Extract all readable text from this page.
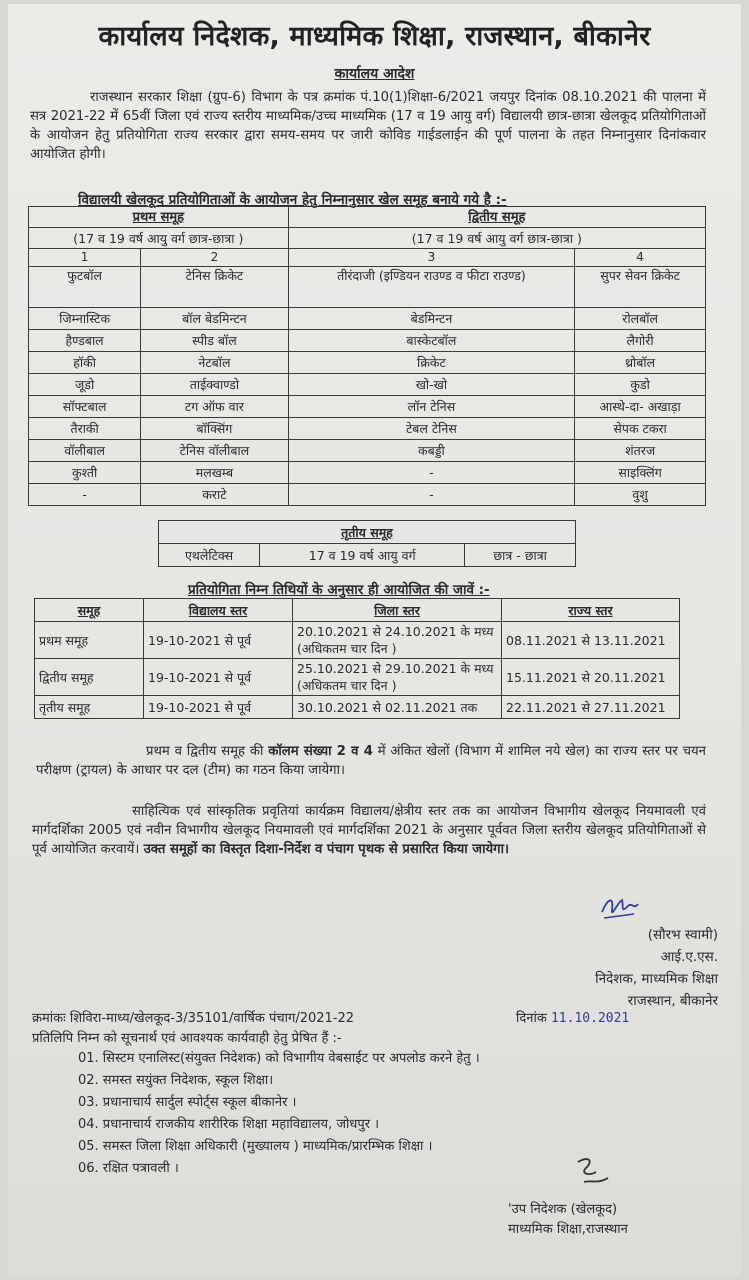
कार्यालय निदेशक, माध्यमिक शिक्षा, राजस्थान, बीकानेर
कार्यालय आदेश
राजस्थान सरकार शिक्षा (ग्रुप-6) विभाग के पत्र क्रमांक पं.10(1)शिक्षा-6/2021 जयपुर दिनांक 08.10.2021 की पालना में सत्र 2021-22 में 65वीं जिला एवं राज्य स्तरीय माध्यमिक/उच्च माध्यमिक (17 व 19 आयु वर्ग) विद्यालयी छात्र-छात्रा खेलकूद प्रतियोगिताओं के आयोजन हेतु प्रतियोगिता राज्य सरकार द्वारा समय-समय पर जारी कोविड गाईडलाईन की पूर्ण पालना के तहत निम्नानुसार दिनांकवार आयोजित होगी।
विद्यालयी खेलकूद प्रतियोगिताओं के आयोजन हेतु निम्नानुसार खेल समूह बनाये गये है :-
प्रथम समूह		द्वितीय समूह	
(17 व 19 वर्ष आयु वर्ग छात्र-छात्रा )		(17 व 19 वर्ष आयु वर्ग छात्र-छात्रा )	
1	2	3	4
फुटबॉल	टेनिस क्रिकेट	तीरंदाजी (इण्डियन राउण्ड व फीटा राउण्ड)	सुपर सेवन क्रिकेट
जिम्नास्टिक	बॉल बेडमिन्टन	बेडमिन्टन	रोलबॉल
हैण्डबाल	स्पीड बॉल	बास्केटबॉल	लैगोरी
हॉकी	नेटबॉल	क्रिकेट	थ्रोबॉल
जूडो	ताईक्वाण्डो	खो-खो	कुडो
सॉफ्टबाल	टग ऑफ वार	लॉन टेनिस	आस्थे-दा- अखाड़ा
तैराकी	बॉक्सिंग	टेबल टेनिस	सेपक टकरा
वॉलीबाल	टेनिस वॉलीबाल	कबड्डी	शंतरज
कुश्ती	मलखम्ब	-	साइक्लिंग
-	कराटे	-	वुशु
तृतीय समूह
एथलेटिक्स	17 व 19 वर्ष आयु वर्ग	छात्र - छात्रा
प्रतियोगिता निम्न तिथियों के अनुसार ही आयोजित की जावें :-
समूह	विद्यालय स्तर	जिला स्तर	राज्य स्तर
प्रथम समूह	19-10-2021 से पूर्व	20.10.2021 से 24.10.2021 के मध्य (अधिकतम चार दिन )	08.11.2021 से 13.11.2021
द्वितीय समूह	19-10-2021 से पूर्व	25.10.2021 से 29.10.2021 के मध्य (अधिकतम चार दिन )	15.11.2021 से 20.11.2021
तृतीय समूह	19-10-2021 से पूर्व	30.10.2021 से 02.11.2021 तक	22.11.2021 से 27.11.2021
प्रथम व द्वितीय समूह की कॉलम संख्या 2 व 4 में अंकित खेलों (विभाग में शामिल नये खेल) का राज्य स्तर पर चयन परीक्षण (ट्रायल) के आधार पर दल (टीम) का गठन किया जायेगा।
साहित्यिक एवं सांस्कृतिक प्रवृतियां कार्यक्रम विद्यालय/क्षेत्रीय स्तर तक का आयोजन विभागीय खेलकूद नियमावली एवं मार्गदर्शिका 2005 एवं नवीन विभागीय खेलकूद नियमावली एवं मार्गदर्शिका 2021 के अनुसार पूर्ववत जिला स्तरीय खेलकूद प्रतियोगिताओं से पूर्व आयोजित करवायें। उक्त समूहों का विस्तृत दिशा-निर्देश व पंचाग पृथक से प्रसारित किया जायेगा।
(सौरभ स्वामी)
आई.ए.एस.
निदेशक, माध्यमिक शिक्षा
राजस्थान, बीकानेर
क्रमांकः शिविरा-माध्य/खेलकूद-3/35101/वार्षिक पंचाग/2021-22	दिनांक 11.10.2021
प्रतिलिपि निम्न को सूचनार्थ एवं आवश्यक कार्यवाही हेतु प्रेषित हैं :-
01. सिस्टम एनालिस्ट(संयुक्त निदेशक) को विभागीय वेबसाईट पर अपलोड करने हेतु ।
02. समस्त सयुंक्त निदेशक, स्कूल शिक्षा।
03. प्रधानाचार्य सार्दुल स्पोर्ट्स स्कूल बीकानेर ।
04. प्रधानाचार्य राजकीय शारीरिक शिक्षा महाविद्यालय, जोधपुर ।
05. समस्त जिला शिक्षा अधिकारी (मुख्यालय ) माध्यमिक/प्रारम्भिक शिक्षा ।
06. रक्षित पत्रावली ।
'उप निदेशक (खेलकूद)
माध्यमिक शिक्षा,राजस्थान
